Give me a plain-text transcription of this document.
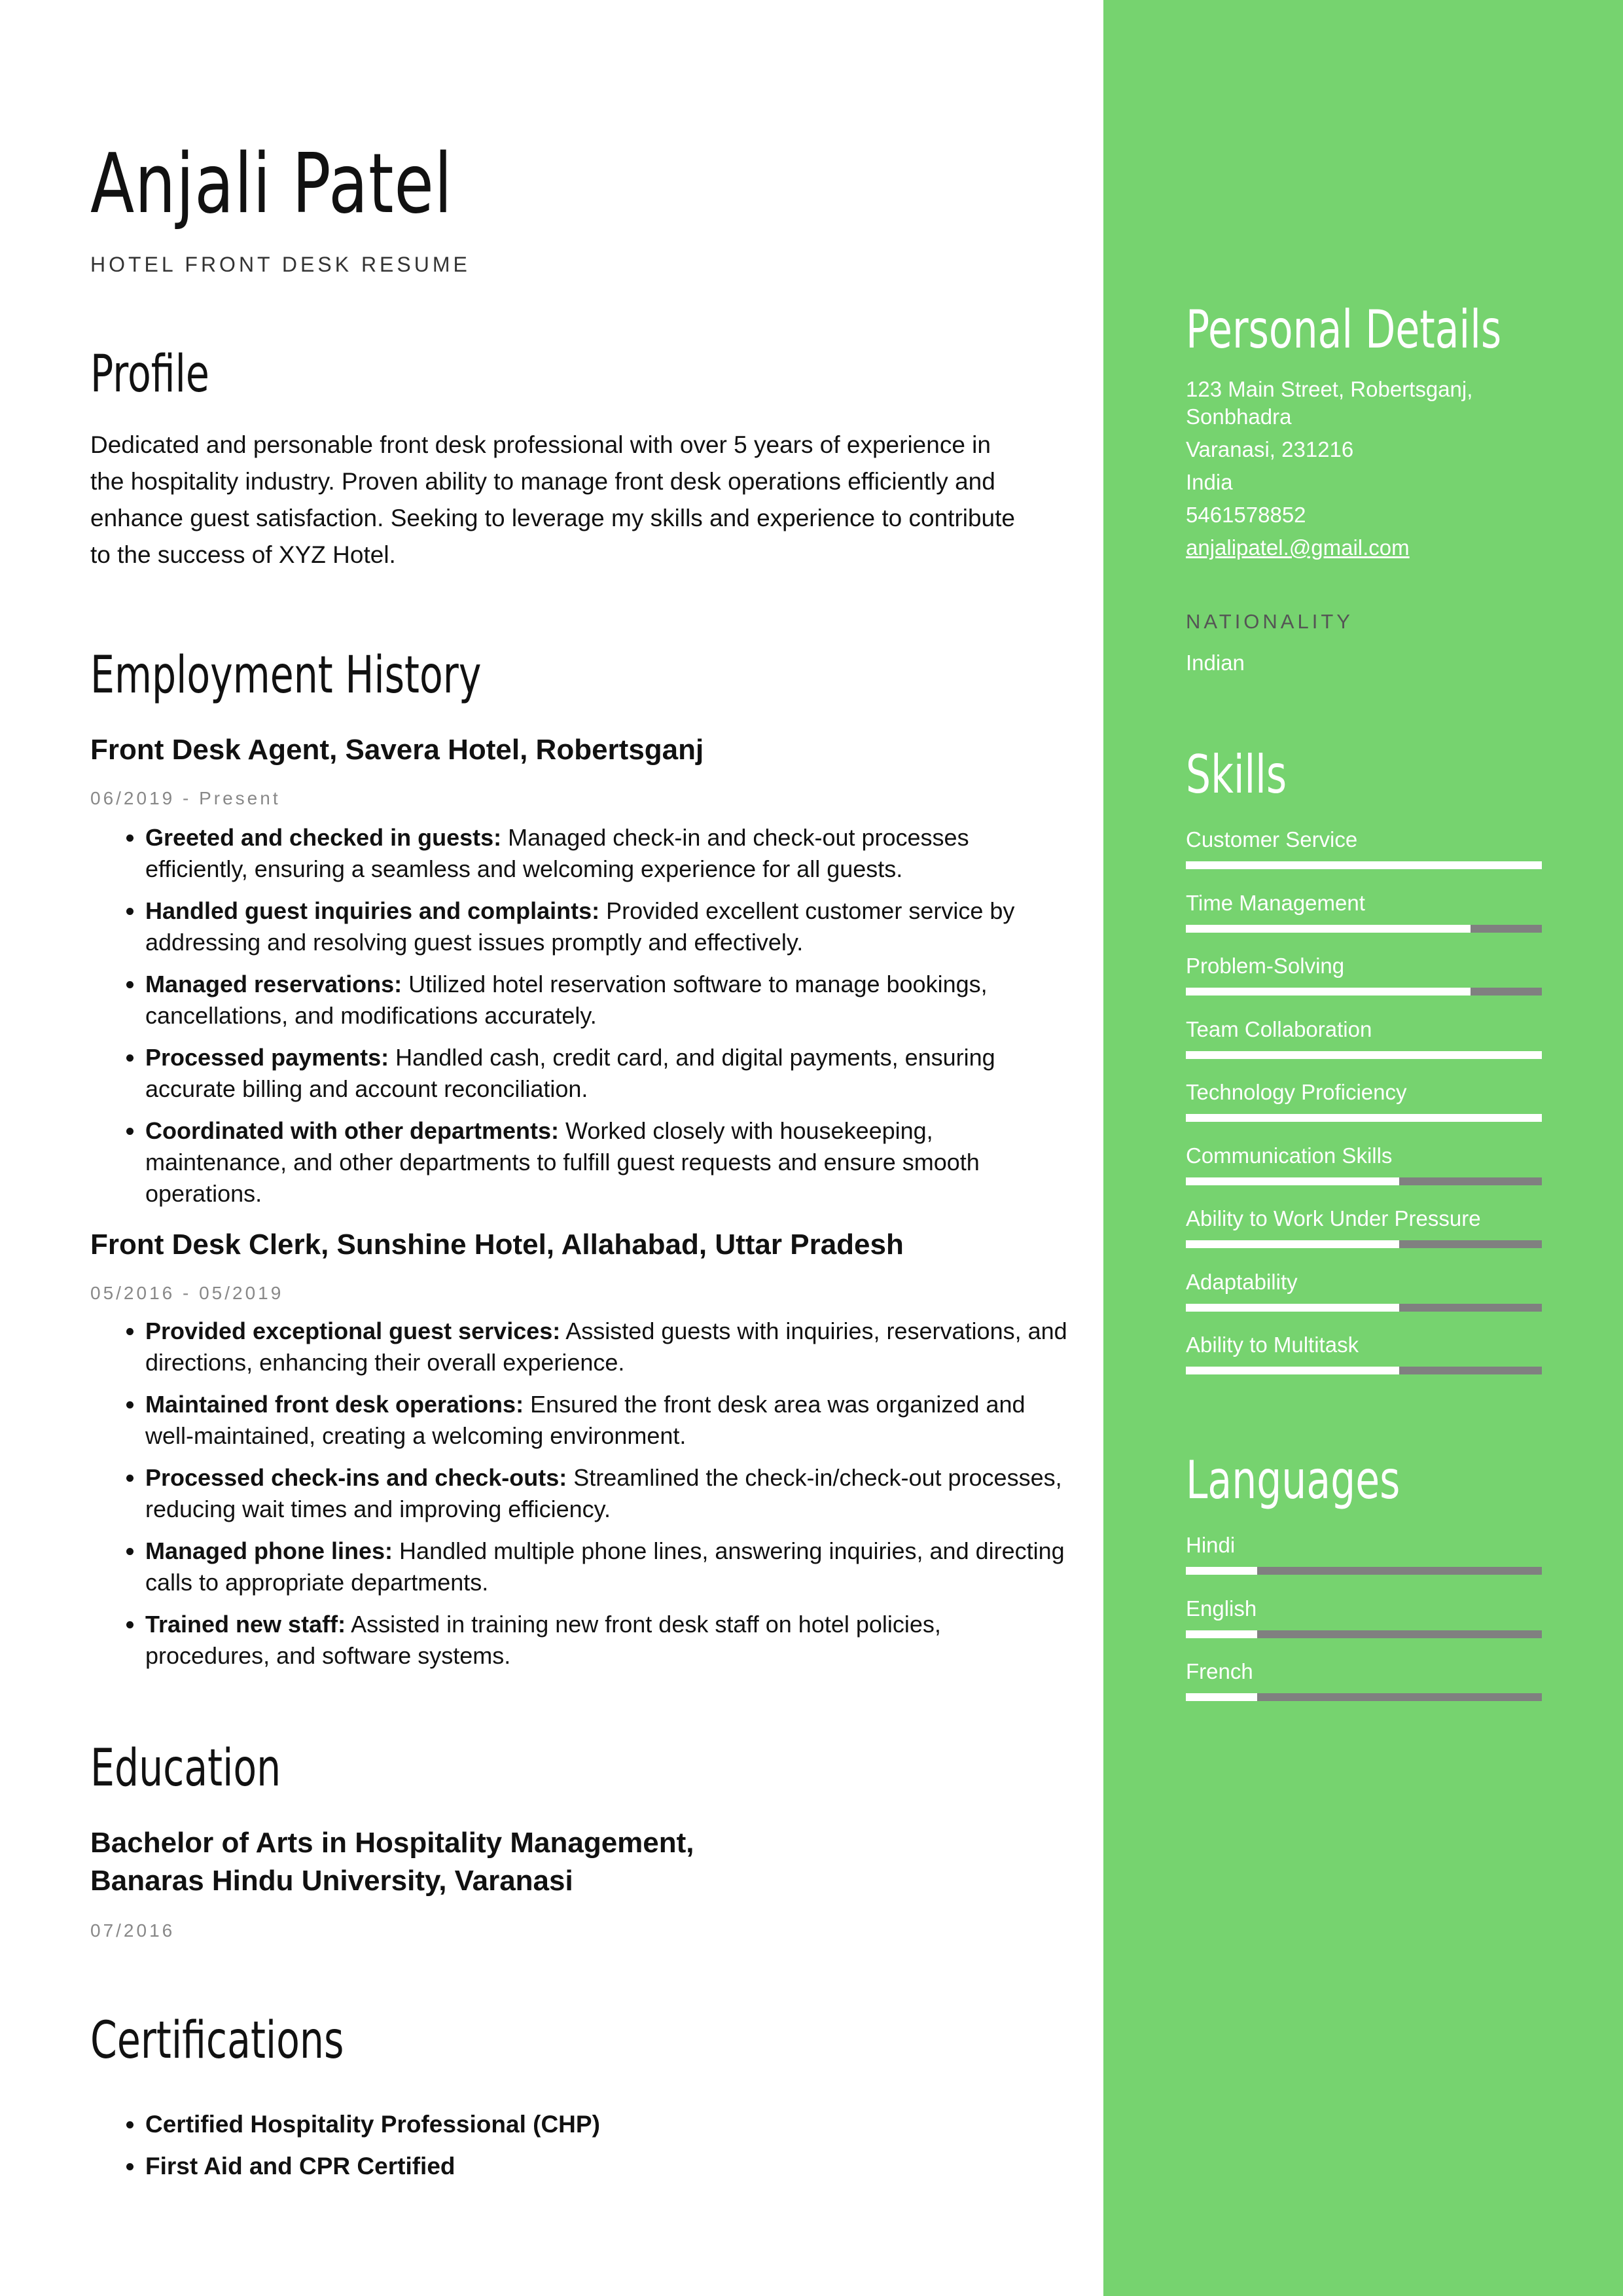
Anjali Patel
HOTEL FRONT DESK RESUME
Profile

Dedicated and personable front desk professional with over 5 years of experience in the hospitality industry. Proven ability to manage front desk operations efficiently and enhance guest satisfaction. Seeking to leverage my skills and experience to contribute to the success of XYZ Hotel.

Employment History
Front Desk Agent, Savera Hotel, Robertsganj
06/2019 - Present
• Greeted and checked in guests: Managed check-in and check-out processes efficiently, ensuring a seamless and welcoming experience for all guests.
• Handled guest inquiries and complaints: Provided excellent customer service by addressing and resolving guest issues promptly and effectively.
• Managed reservations: Utilized hotel reservation software to manage bookings, cancellations, and modifications accurately.
• Processed payments: Handled cash, credit card, and digital payments, ensuring accurate billing and account reconciliation.
• Coordinated with other departments: Worked closely with housekeeping, maintenance, and other departments to fulfill guest requests and ensure smooth operations.
Front Desk Clerk, Sunshine Hotel, Allahabad, Uttar Pradesh
05/2016 - 05/2019
• Provided exceptional guest services: Assisted guests with inquiries, reservations, and directions, enhancing their overall experience.
• Maintained front desk operations: Ensured the front desk area was organized and well-maintained, creating a welcoming environment.
• Processed check-ins and check-outs: Streamlined the check-in/check-out processes, reducing wait times and improving efficiency.
• Managed phone lines: Handled multiple phone lines, answering inquiries, and directing calls to appropriate departments.
• Trained new staff: Assisted in training new front desk staff on hotel policies, procedures, and software systems.
Education
Bachelor of Arts in Hospitality Management,
Banaras Hindu University, Varanasi
07/2016
Certifications
• Certified Hospitality Professional (CHP)
• First Aid and CPR Certified
Personal Details
123 Main Street, Robertsganj,
Sonbhadra
Varanasi, 231216
India
5461578852
anjalipatel.@gmail.com
NATIONALITY
Indian
Skills
Customer Service
Time Management
Problem-Solving
Team Collaboration
Technology Proficiency
Communication Skills
Ability to Work Under Pressure
Adaptability
Ability to Multitask
Languages
Hindi
English
French
